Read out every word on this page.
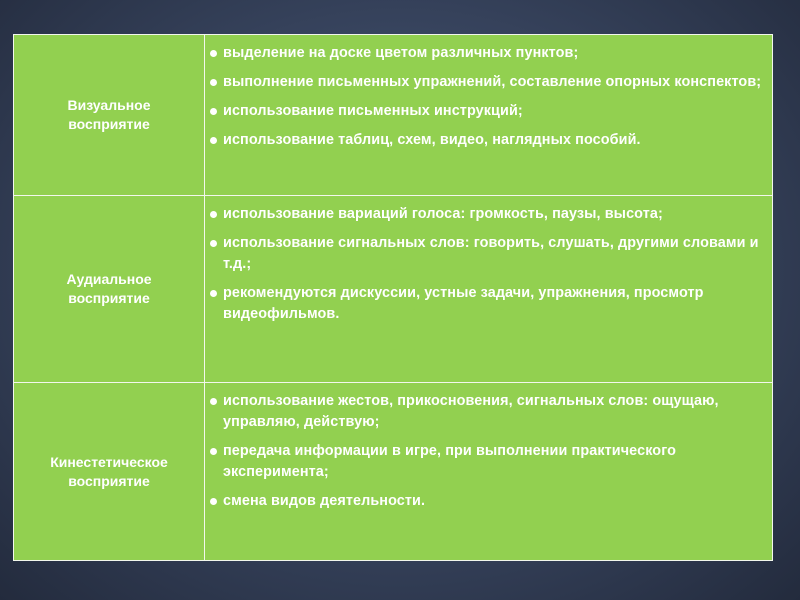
Визуальное
восприятие
выделение на доске цветом различных пунктов;
выполнение письменных упражнений, составление опорных конспектов;
использование письменных инструкций;
использование таблиц, схем, видео, наглядных пособий.
Аудиальное
восприятие
использование вариаций голоса: громкость, паузы, высота;
использование сигнальных слов: говорить, слушать, другими словами и т.д.;
рекомендуются дискуссии, устные задачи, упражнения, просмотр видеофильмов.
Кинестетическое
восприятие
использование жестов, прикосновения, сигнальных слов: ощущаю, управляю, действую;
передача информации в игре, при выполнении практического эксперимента;
смена видов деятельности.
